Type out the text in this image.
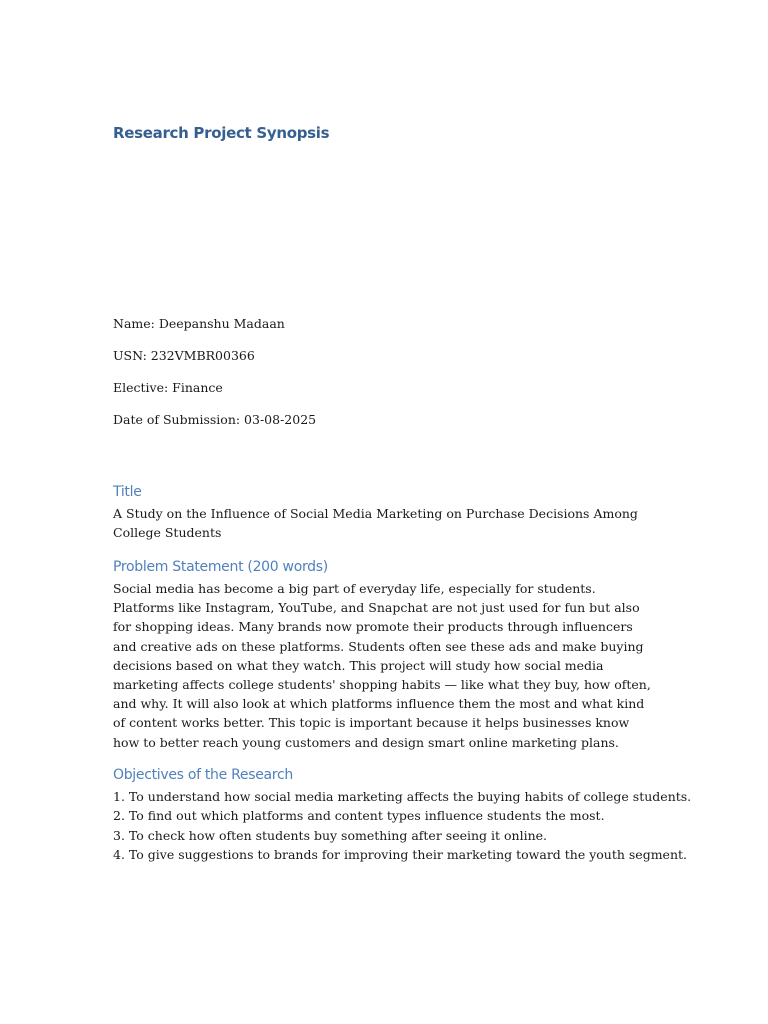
Research Project Synopsis
Name: Deepanshu Madaan
USN: 232VMBR00366
Elective: Finance
Date of Submission: 03-08-2025
Title

A Study on the Influence of Social Media Marketing on Purchase Decisions Among College Students

Problem Statement (200 words)

Social media has become a big part of everyday life, especially for students. Platforms like Instagram, YouTube, and Snapchat are not just used for fun but also for shopping ideas. Many brands now promote their products through influencers and creative ads on these platforms. Students often see these ads and make buying decisions based on what they watch. This project will study how social media marketing affects college students' shopping habits — like what they buy, how often, and why. It will also look at which platforms influence them the most and what kind of content works better. This topic is important because it helps businesses know how to better reach young customers and design smart online marketing plans.

Objectives of the Research
1. To understand how social media marketing affects the buying habits of college students.
2. To find out which platforms and content types influence students the most.
3. To check how often students buy something after seeing it online.
4. To give suggestions to brands for improving their marketing toward the youth segment.
